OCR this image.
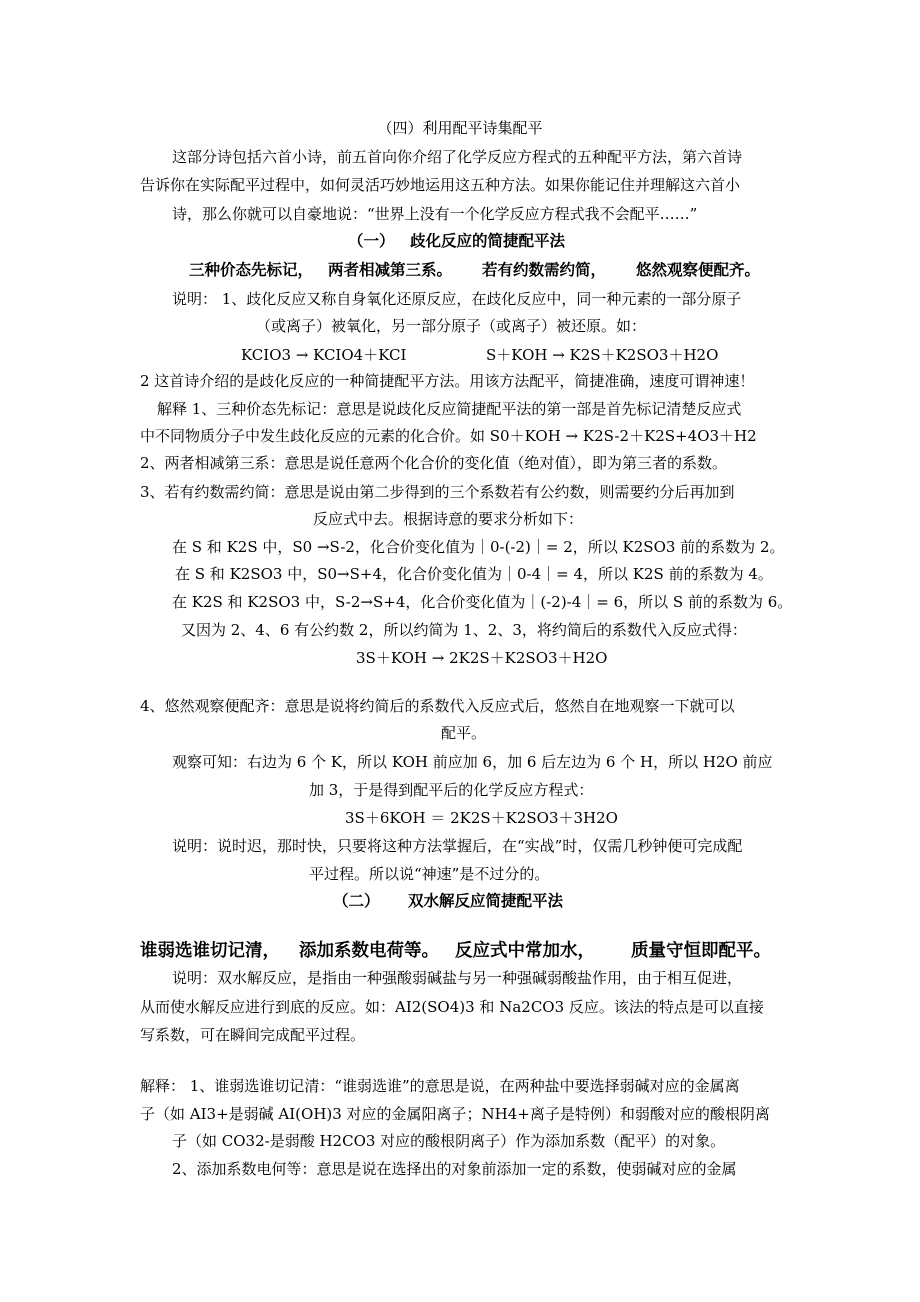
（四）利用配平诗集配平
这部分诗包括六首小诗，前五首向你介绍了化学反应方程式的五种配平方法，第六首诗
告诉你在实际配平过程中，如何灵活巧妙地运用这五种方法。如果你能记住并理解这六首小
诗，那么你就可以自豪地说：“世界上没有一个化学反应方程式我不会配平……”
（一） 歧化反应的简捷配平法
三种价态先标记， 两者相减第三系。 若有约数需约简， 悠然观察便配齐。
说明： 1、歧化反应又称自身氧化还原反应，在歧化反应中，同一种元素的一部分原子
（或离子）被氧化，另一部分原子（或离子）被还原。如：
KCIO3 → KCIO4＋KCI	S＋KOH → K2S＋K2SO3＋H2O
2 这首诗介绍的是歧化反应的一种简捷配平方法。用该方法配平，简捷准确，速度可谓神速！
解释 1、三种价态先标记：意思是说歧化反应简捷配平法的第一部是首先标记清楚反应式
中不同物质分子中发生歧化反应的元素的化合价。如 S0＋KOH → K2S-2＋K2S+4O3＋H2
2、两者相减第三系：意思是说任意两个化合价的变化值（绝对值），即为第三者的系数。
3、若有约数需约简：意思是说由第二步得到的三个系数若有公约数，则需要约分后再加到
反应式中去。根据诗意的要求分析如下：
在 S 和 K2S 中，S0 →S-2，化合价变化值为｜0-(-2)｜= 2，所以 K2SO3 前的系数为 2。
在 S 和 K2SO3 中，S0→S+4，化合价变化值为｜0-4｜= 4，所以 K2S 前的系数为 4。
在 K2S 和 K2SO3 中，S-2→S+4，化合价变化值为｜(-2)-4｜= 6，所以 S 前的系数为 6。
又因为 2、4、6 有公约数 2，所以约简为 1、2、3，将约简后的系数代入反应式得：
3S＋KOH → 2K2S＋K2SO3＋H2O
4、悠然观察便配齐：意思是说将约简后的系数代入反应式后，悠然自在地观察一下就可以
配平。
观察可知：右边为 6 个 K，所以 KOH 前应加 6，加 6 后左边为 6 个 H，所以 H2O 前应
加 3，于是得到配平后的化学反应方程式：
3S＋6KOH ＝ 2K2S＋K2SO3＋3H2O
说明：说时迟，那时快，只要将这种方法掌握后，在“实战”时，仅需几秒钟便可完成配
平过程。所以说“神速”是不过分的。
（二） 双水解反应简捷配平法
谁弱选谁切记清， 添加系数电荷等。 反应式中常加水， 质量守恒即配平。
说明：双水解反应，是指由一种强酸弱碱盐与另一种强碱弱酸盐作用，由于相互促进，
从而使水解反应进行到底的反应。如：AI2(SO4)3 和 Na2CO3 反应。该法的特点是可以直接
写系数，可在瞬间完成配平过程。
解释： 1、谁弱选谁切记清：“谁弱选谁”的意思是说，在两种盐中要选择弱碱对应的金属离
子（如 AI3+是弱碱 AI(OH)3 对应的金属阳离子；NH4+离子是特例）和弱酸对应的酸根阴离
子（如 CO32-是弱酸 H2CO3 对应的酸根阴离子）作为添加系数（配平）的对象。
2、添加系数电何等：意思是说在选择出的对象前添加一定的系数，使弱碱对应的金属
